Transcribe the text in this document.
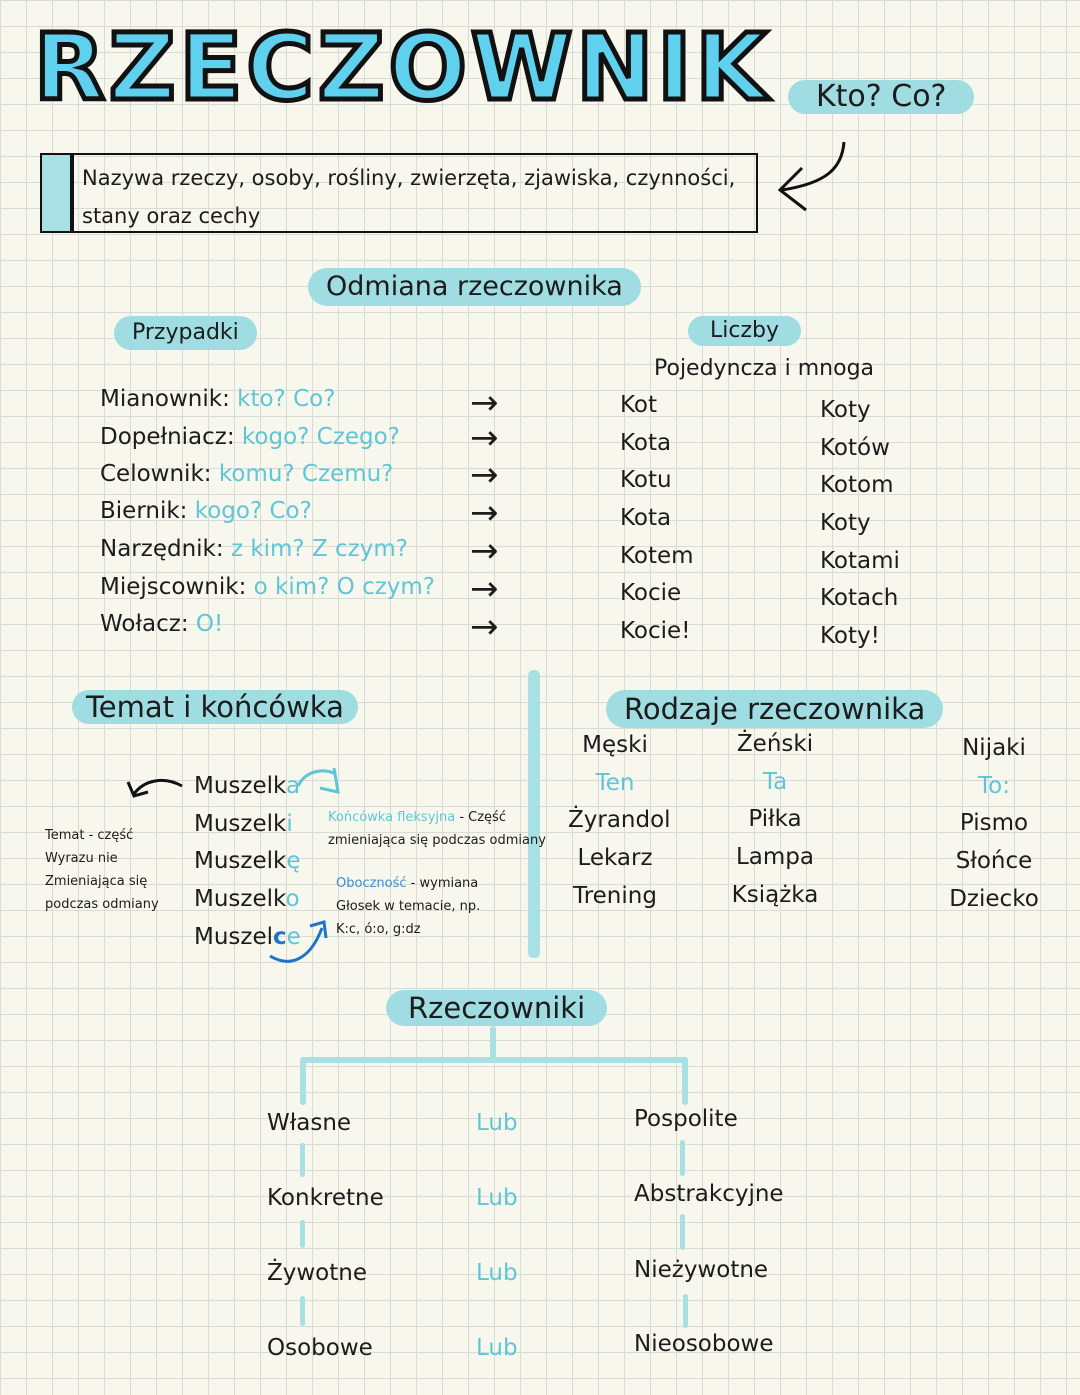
RZECZOWNIK	Kto? Co?
Nazywa rzeczy, osoby, rośliny, zwierzęta, zjawiska, czynności, stany oraz cechy
Odmiana rzeczownika
Przypadki	Liczby
Pojedyncza i mnoga
Mianownik: kto? Co?
Dopełniacz: kogo? Czego?
Celownik: komu? Czemu?
Biernik: kogo? Co?
Narzędnik: z kim? Z czym?
Miejscownik: o kim? O czym?
Wołacz: O!
→
→
→
→
→
→
→
Kot
Kota
Kotu
Kota
Kotem
Kocie
Kocie!
Koty
Kotów
Kotom
Koty
Kotami
Kotach
Koty!
Temat i końcówka
Temat - część
Wyrazu nie
Zmieniająca się
podczas odmiany
Muszelka
Muszelki
Muszelkę
Muszelko
Muszelce
Końcówka fleksyjna - Część
zmieniająca się podczas odmiany
Oboczność - wymiana
Głosek w temacie, np.
K:c, ó:o, g:dz
Rodzaje rzeczownika
Męski
Ten
Żyrandol
Lekarz
Trening
Żeński
Ta
Piłka
Lampa
Książka
Nijaki
To:
Pismo
Słońce
Dziecko
Rzeczowniki
Własne
Konkretne
Żywotne
Osobowe
Lub
Lub
Lub
Lub
Pospolite
Abstrakcyjne
Nieżywotne
Nieosobowe
